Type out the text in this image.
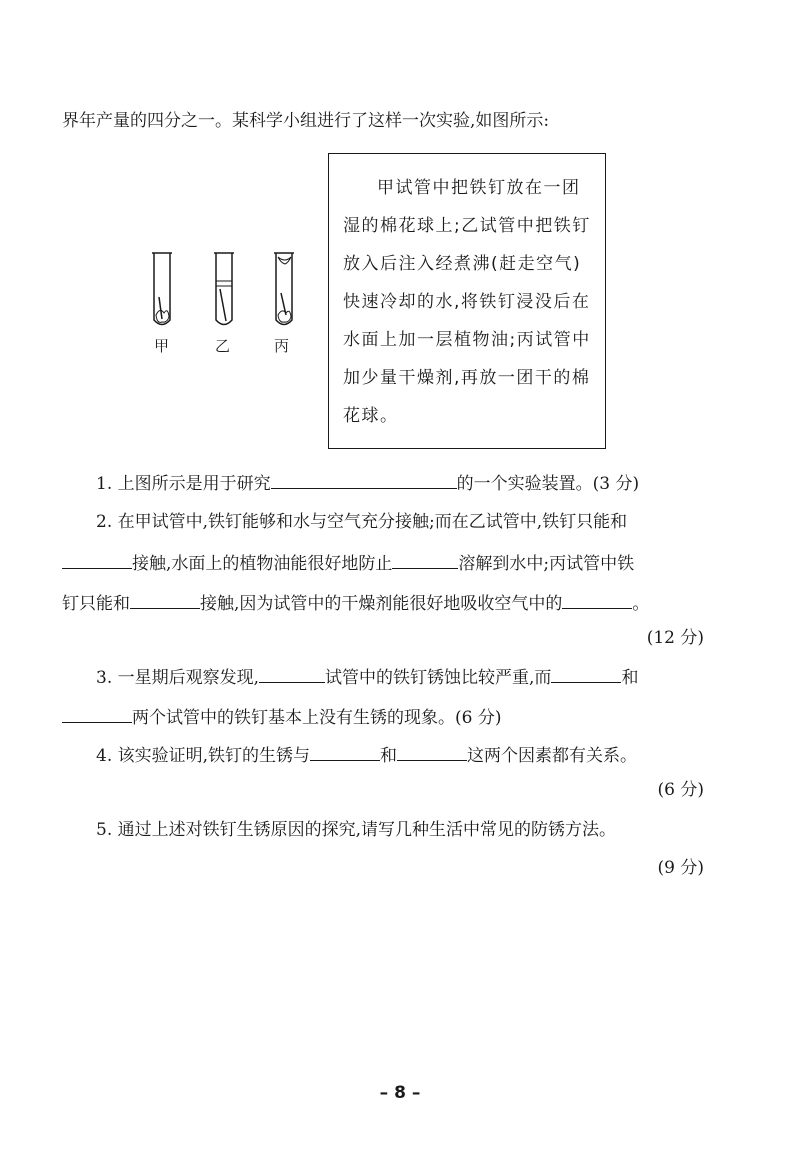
界年产量的四分之一。某科学小组进行了这样一次实验,如图所示:
甲	乙	丙
甲试管中把铁钉放在一团
湿的棉花球上;乙试管中把铁钉
放入后注入经煮沸(赶走空气)
快速冷却的水,将铁钉浸没后在
水面上加一层植物油;丙试管中
加少量干燥剂,再放一团干的棉
花球。
1. 上图所示是用于研究	的一个实验装置。(3 分)
2. 在甲试管中,铁钉能够和水与空气充分接触;而在乙试管中,铁钉只能和
接触,水面上的植物油能很好地防止	溶解到水中;丙试管中铁
钉只能和	接触,因为试管中的干燥剂能很好地吸收空气中的	。
(12 分)
3. 一星期后观察发现,	试管中的铁钉锈蚀比较严重,而	和
两个试管中的铁钉基本上没有生锈的现象。(6 分)
4. 该实验证明,铁钉的生锈与	和	这两个因素都有关系。
(6 分)
5. 通过上述对铁钉生锈原因的探究,请写几种生活中常见的防锈方法。
(9 分)
– 8 –
